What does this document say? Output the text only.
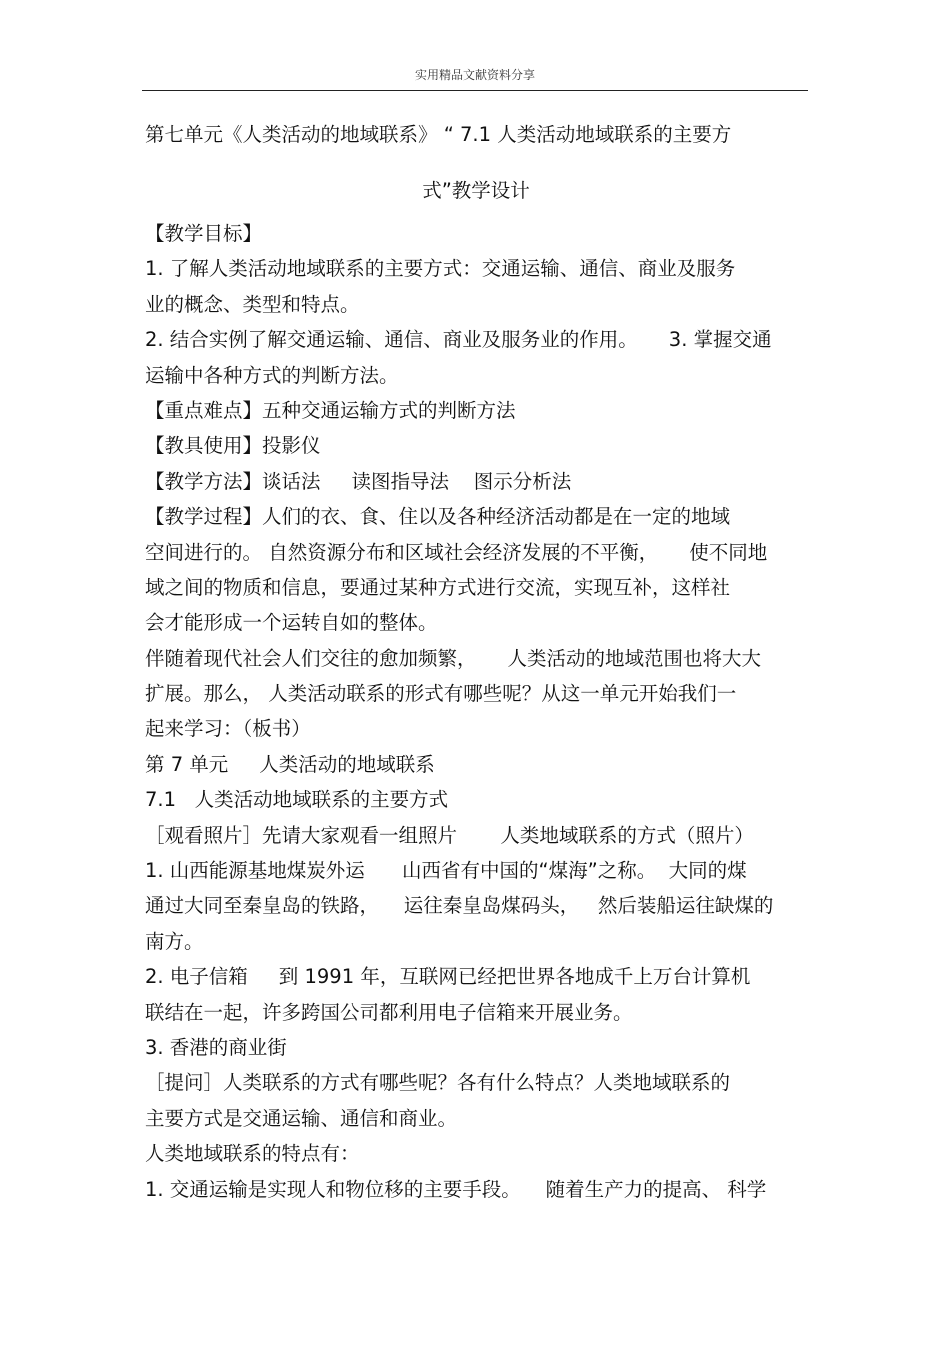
实用精品文献资料分享

第七单元《人类活动的地域联系》 “ 7.1 人类活动地域联系的主要方

式”教学设计

【教学目标】

1. 了解人类活动地域联系的主要方式：交通运输、通信、商业及服务

业的概念、类型和特点。

2. 结合实例了解交通运输、通信、商业及服务业的作用。     3. 掌握交通

运输中各种方式的判断方法。

【重点难点】五种交通运输方式的判断方法

【教具使用】投影仪

【教学方法】谈话法     读图指导法    图示分析法

【教学过程】人们的衣、食、住以及各种经济活动都是在一定的地域

空间进行的。 自然资源分布和区域社会经济发展的不平衡，     使不同地

域之间的物质和信息，要通过某种方式进行交流，实现互补，这样社

会才能形成一个运转自如的整体。

伴随着现代社会人们交往的愈加频繁，     人类活动的地域范围也将大大

扩展。那么， 人类活动联系的形式有哪些呢？从这一单元开始我们一

起来学习：（板书）

第 7 单元     人类活动的地域联系

7.1   人类活动地域联系的主要方式

［观看照片］先请大家观看一组照片       人类地域联系的方式（照片）

1. 山西能源基地煤炭外运      山西省有中国的“煤海”之称。  大同的煤

通过大同至秦皇岛的铁路，    运往秦皇岛煤码头，   然后装船运往缺煤的

南方。

2. 电子信箱     到 1991 年，互联网已经把世界各地成千上万台计算机

联结在一起，许多跨国公司都利用电子信箱来开展业务。

3. 香港的商业街

［提问］人类联系的方式有哪些呢？各有什么特点？人类地域联系的

主要方式是交通运输、通信和商业。

人类地域联系的特点有：

1. 交通运输是实现人和物位移的主要手段。    随着生产力的提高、 科学
